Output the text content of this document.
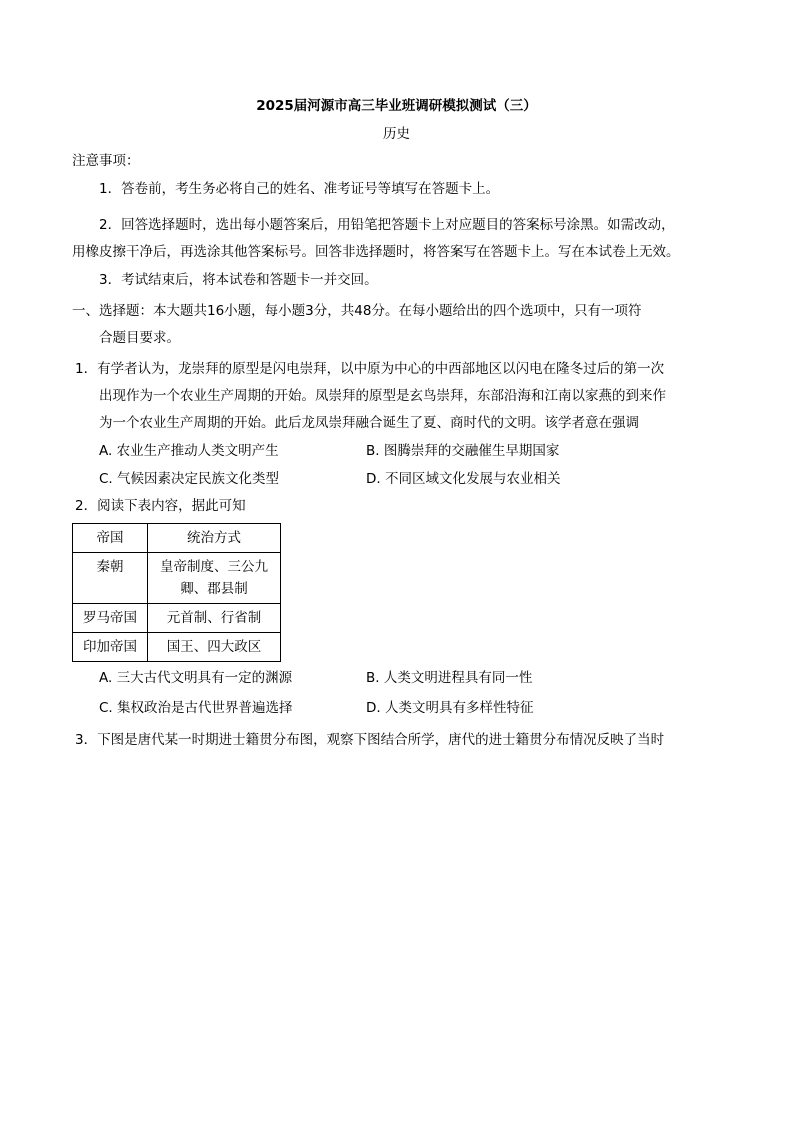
2025届河源市高三毕业班调研模拟测试（三）
历史
注意事项：
1．答卷前，考生务必将自己的姓名、准考证号等填写在答题卡上。
2．回答选择题时，选出每小题答案后，用铅笔把答题卡上对应题目的答案标号涂黑。如需改动，
用橡皮擦干净后，再选涂其他答案标号。回答非选择题时，将答案写在答题卡上。写在本试卷上无效。
3．考试结束后，将本试卷和答题卡一并交回。
一、选择题：本大题共16小题，每小题3分，共48分。在每小题给出的四个选项中，只有一项符
合题目要求。
1．有学者认为，龙崇拜的原型是闪电崇拜，以中原为中心的中西部地区以闪电在隆冬过后的第一次
出现作为一个农业生产周期的开始。凤崇拜的原型是玄鸟崇拜，东部沿海和江南以家燕的到来作
为一个农业生产周期的开始。此后龙凤崇拜融合诞生了夏、商时代的文明。该学者意在强调
A. 农业生产推动人类文明产生	B. 图腾崇拜的交融催生早期国家
C. 气候因素决定民族文化类型	D. 不同区域文化发展与农业相关
2．阅读下表内容，据此可知
帝国	统治方式
秦朝	皇帝制度、三公九卿、郡县制
罗马帝国	元首制、行省制
印加帝国	国王、四大政区
A. 三大古代文明具有一定的渊源	B. 人类文明进程具有同一性
C. 集权政治是古代世界普遍选择	D. 人类文明具有多样性特征
3．下图是唐代某一时期进士籍贯分布图，观察下图结合所学，唐代的进士籍贯分布情况反映了当时
